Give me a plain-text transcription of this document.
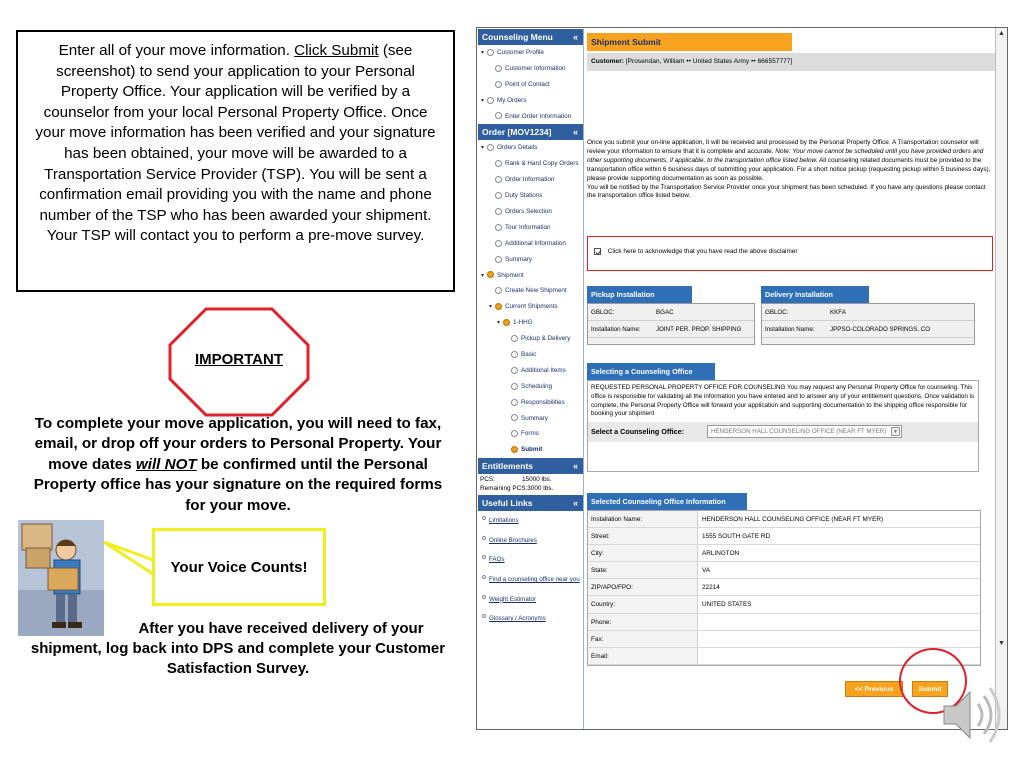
Enter all of your move information. Click Submit (see screenshot) to send your application to your Personal Property Office. Your application will be verified by a counselor from your local Personal Property Office. Once your move information has been verified and your signature has been obtained, your move will be awarded to a Transportation Service Provider (TSP). You will be sent a confirmation email providing you with the name and phone number of the TSP who has been awarded your shipment. Your TSP will contact you to perform a pre-move survey.
IMPORTANT
To complete your move application, you will need to fax, email, or drop off your orders to Personal Property. Your move dates will NOT be confirmed until the Personal Property office has your signature on the required forms for your move.
Your Voice Counts!
After you have received delivery of your shipment, log back into DPS and complete your Customer Satisfaction Survey.
Counseling Menu «
▾ Customer Profile
Customer Information
Point of Contact
▾ My Orders
Enter Order Information
Order [MOV1234] «
▾ Orders Details
Rank & Hard Copy Orders
Order Information
Duty Stations
Orders Selection
Tour Information
Additional Information
Summary
▾ Shipment
Create New Shipment
▾ Current Shipments
▾ 1-HHG
Pickup & Delivery
Basic
Additional Items
Scheduling
Responsibilities
Summary
Forms
Submit
Entitlements	«
PCS:	15000 lbs.
Remaining PCS:3000 lbs.
Useful Links	«
Limitations
Online Brochures
FAQs
Find a counseling office near you
Weight Estimator
Glossary / Acronyms
Shipment Submit
Customer: [Prosendan, William •• United States Army •• 666557777]
Once you submit your on-line application, it will be received and processed by the Personal Property Office. A Transportation counselor will review your information to ensure that it is complete and accurate. Note: Your move cannot be scheduled until you have provided orders and other supporting documents, if applicable, to the transportation office listed below. All counseling related documents must be provided to the transportation office within 6 business days of submitting your application. For a short notice pickup (requesting pickup within 5 business days), please provide supporting documentation as soon as possible.
You will be notified by the Transportation Service Provider once your shipment has been scheduled. If you have any questions please contact the transportation office listed below.
Click here to acknowledge that you have read the above disclaimer
Pickup Installation
GBLOC:	BGAC
Installation Name:	JOINT PER. PROP. SHIPPING
Delivery Installation
GBLOC:	KKFA
Installation Name:	JPPSO-COLORADO SPRINGS, CO
Selecting a Counseling Office
REQUESTED PERSONAL PROPERTY OFFICE FOR COUNSELING You may request any Personal Property Office for counseling. This office is responsible for validating all the information you have entered and to answer any of your entitlement questions. Once validation is complete, the Personal Property Office will forward your application and supporting documentation to the shipping office responsible for booking your shipment
Select a Counseling Office:	HENDERSON HALL COUNSELING OFFICE (NEAR FT MYER)	▼
Selected Counseling Office Information
Installation Name:	HENDERSON HALL COUNSELING OFFICE (NEAR FT MYER)
Street:	1555 SOUTH GATE RD
City:	ARLINGTON
State:	VA
ZIP/APO/FPO:	22214
Country:	UNITED STATES
Phone:
Fax:
Email:
<< Previous	Submit
▲
▼
